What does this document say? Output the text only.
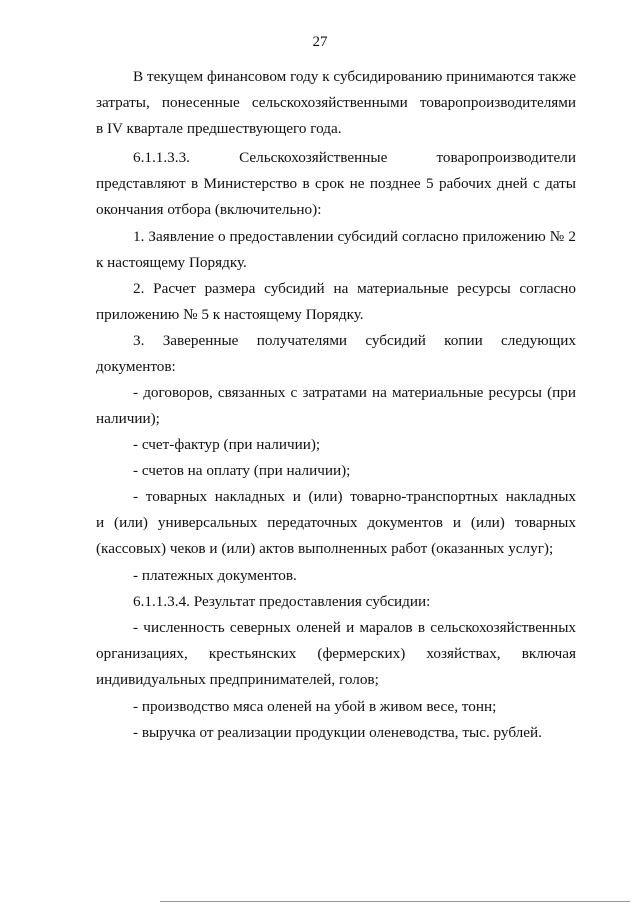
27
В текущем финансовом году к субсидированию принимаются также
затраты, понесенные сельскохозяйственными товаропроизводителями
в IV квартале предшествующего года.
6.1.1.3.3. Сельскохозяйственные товаропроизводители
представляют в Министерство в срок не позднее 5 рабочих дней с даты
окончания отбора (включительно):
1. Заявление о предоставлении субсидий согласно приложению № 2
к настоящему Порядку.
2. Расчет размера субсидий на материальные ресурсы согласно
приложению № 5 к настоящему Порядку.
3. Заверенные получателями субсидий копии следующих
документов:
- договоров, связанных с затратами на материальные ресурсы (при
наличии);
- счет-фактур (при наличии);
- счетов на оплату (при наличии);
- товарных накладных и (или) товарно-транспортных накладных
и (или) универсальных передаточных документов и (или) товарных
(кассовых) чеков и (или) актов выполненных работ (оказанных услуг);
- платежных документов.
6.1.1.3.4. Результат предоставления субсидии:
- численность северных оленей и маралов в сельскохозяйственных
организациях, крестьянских (фермерских) хозяйствах, включая
индивидуальных предпринимателей, голов;
- производство мяса оленей на убой в живом весе, тонн;
- выручка от реализации продукции оленеводства, тыс. рублей.
